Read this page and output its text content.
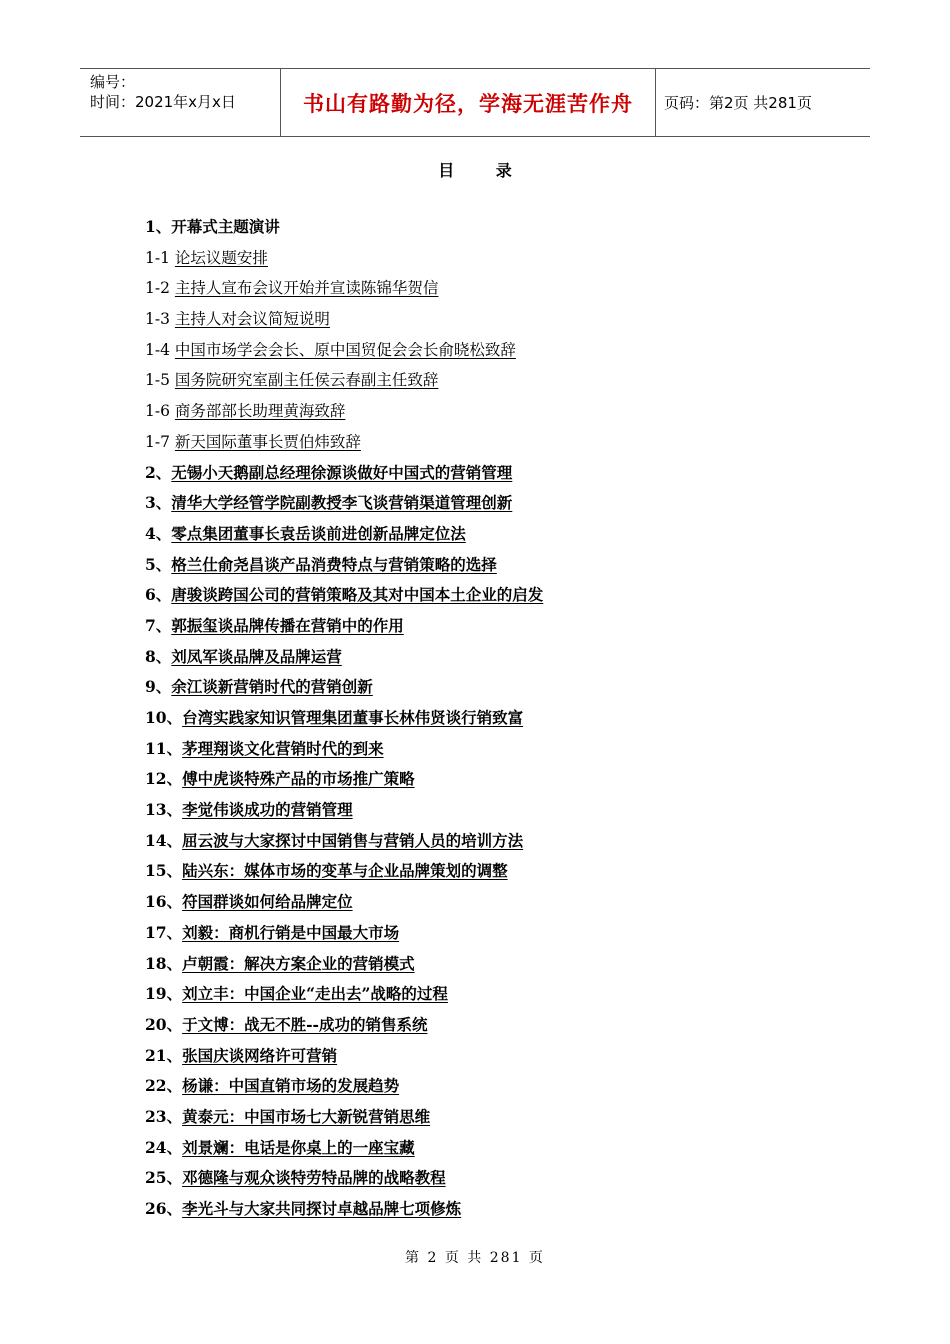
编号：
时间：2021年x月x日	书山有路勤为径，学海无涯苦作舟 页码：第2页 共281页
目 录
1、开幕式主题演讲
1-1 论坛议题安排
1-2 主持人宣布会议开始并宣读陈锦华贺信
1-3 主持人对会议简短说明
1-4 中国市场学会会长、原中国贸促会会长俞晓松致辞
1-5 国务院研究室副主任侯云春副主任致辞
1-6 商务部部长助理黄海致辞
1-7 新天国际董事长贾伯炜致辞
2、无锡小天鹅副总经理徐源谈做好中国式的营销管理
3、清华大学经管学院副教授李飞谈营销渠道管理创新
4、零点集团董事长袁岳谈前进创新品牌定位法
5、格兰仕俞尧昌谈产品消费特点与营销策略的选择
6、唐骏谈跨国公司的营销策略及其对中国本土企业的启发
7、郭振玺谈品牌传播在营销中的作用
8、刘凤军谈品牌及品牌运营
9、余江谈新营销时代的营销创新
10、台湾实践家知识管理集团董事长林伟贤谈行销致富
11、茅理翔谈文化营销时代的到来
12、傅中虎谈特殊产品的市场推广策略
13、李觉伟谈成功的营销管理
14、屈云波与大家探讨中国销售与营销人员的培训方法
15、陆兴东：媒体市场的变革与企业品牌策划的调整
16、符国群谈如何给品牌定位
17、刘毅：商机行销是中国最大市场
18、卢朝霞：解决方案企业的营销模式
19、刘立丰：中国企业“走出去”战略的过程
20、于文博：战无不胜--成功的销售系统
21、张国庆谈网络许可营销
22、杨谦：中国直销市场的发展趋势
23、黄泰元：中国市场七大新锐营销思维
24、刘景斓：电话是你桌上的一座宝藏
25、邓德隆与观众谈特劳特品牌的战略教程
26、李光斗与大家共同探讨卓越品牌七项修炼
第 2 页 共 281 页
